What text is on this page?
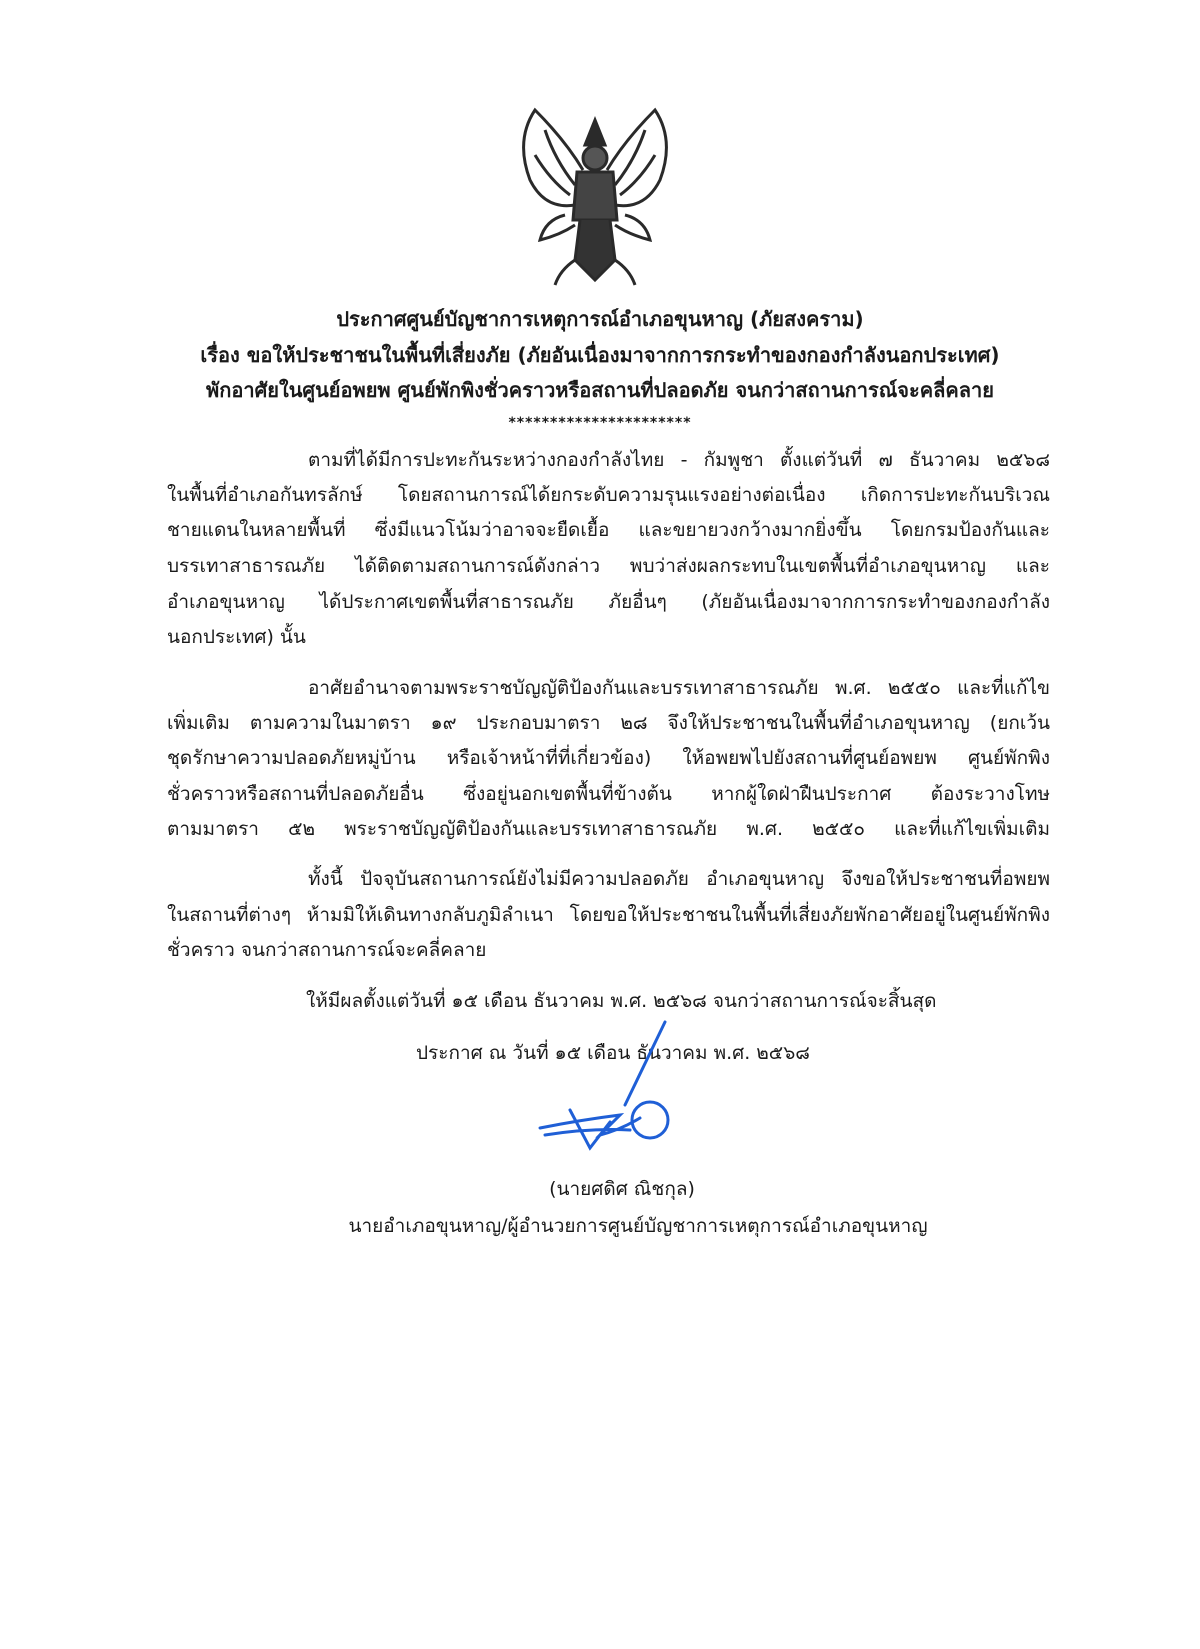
ประกาศศูนย์บัญชาการเหตุการณ์อำเภอขุนหาญ (ภัยสงคราม)
เรื่อง ขอให้ประชาชนในพื้นที่เสี่ยงภัย (ภัยอันเนื่องมาจากการกระทำของกองกำลังนอกประเทศ)
พักอาศัยในศูนย์อพยพ ศูนย์พักพิงชั่วคราวหรือสถานที่ปลอดภัย จนกว่าสถานการณ์จะคลี่คลาย
**********************
ตามที่ได้มีการปะทะกันระหว่างกองกำลังไทย - กัมพูชา ตั้งแต่วันที่ ๗ ธันวาคม ๒๕๖๘
ในพื้นที่อำเภอกันทรลักษ์ โดยสถานการณ์ได้ยกระดับความรุนแรงอย่างต่อเนื่อง เกิดการปะทะกันบริเวณ
ชายแดนในหลายพื้นที่ ซึ่งมีแนวโน้มว่าอาจจะยืดเยื้อ และขยายวงกว้างมากยิ่งขึ้น โดยกรมป้องกันและ
บรรเทาสาธารณภัย ได้ติดตามสถานการณ์ดังกล่าว พบว่าส่งผลกระทบในเขตพื้นที่อำเภอขุนหาญ และ
อำเภอขุนหาญ ได้ประกาศเขตพื้นที่สาธารณภัย ภัยอื่นๆ (ภัยอันเนื่องมาจากการกระทำของกองกำลัง
นอกประเทศ) นั้น
อาศัยอำนาจตามพระราชบัญญัติป้องกันและบรรเทาสาธารณภัย พ.ศ. ๒๕๕๐ และที่แก้ไข
เพิ่มเติม ตามความในมาตรา ๑๙ ประกอบมาตรา ๒๘ จึงให้ประชาชนในพื้นที่อำเภอขุนหาญ (ยกเว้น
ชุดรักษาความปลอดภัยหมู่บ้าน หรือเจ้าหน้าที่ที่เกี่ยวข้อง) ให้อพยพไปยังสถานที่ศูนย์อพยพ ศูนย์พักพิง
ชั่วคราวหรือสถานที่ปลอดภัยอื่น ซึ่งอยู่นอกเขตพื้นที่ข้างต้น หากผู้ใดฝ่าฝืนประกาศ ต้องระวางโทษ
ตามมาตรา ๕๒ พระราชบัญญัติป้องกันและบรรเทาสาธารณภัย พ.ศ. ๒๕๕๐ และที่แก้ไขเพิ่มเติม
ทั้งนี้ ปัจจุบันสถานการณ์ยังไม่มีความปลอดภัย อำเภอขุนหาญ จึงขอให้ประชาชนที่อพยพ
ในสถานที่ต่างๆ ห้ามมิให้เดินทางกลับภูมิลำเนา โดยขอให้ประชาชนในพื้นที่เสี่ยงภัยพักอาศัยอยู่ในศูนย์พักพิง
ชั่วคราว จนกว่าสถานการณ์จะคลี่คลาย
ให้มีผลตั้งแต่วันที่ ๑๕ เดือน ธันวาคม พ.ศ. ๒๕๖๘ จนกว่าสถานการณ์จะสิ้นสุด
ประกาศ ณ วันที่ ๑๕ เดือน ธันวาคม พ.ศ. ๒๕๖๘
(นายศดิศ ณิชกุล)
นายอำเภอขุนหาญ/ผู้อำนวยการศูนย์บัญชาการเหตุการณ์อำเภอขุนหาญ
